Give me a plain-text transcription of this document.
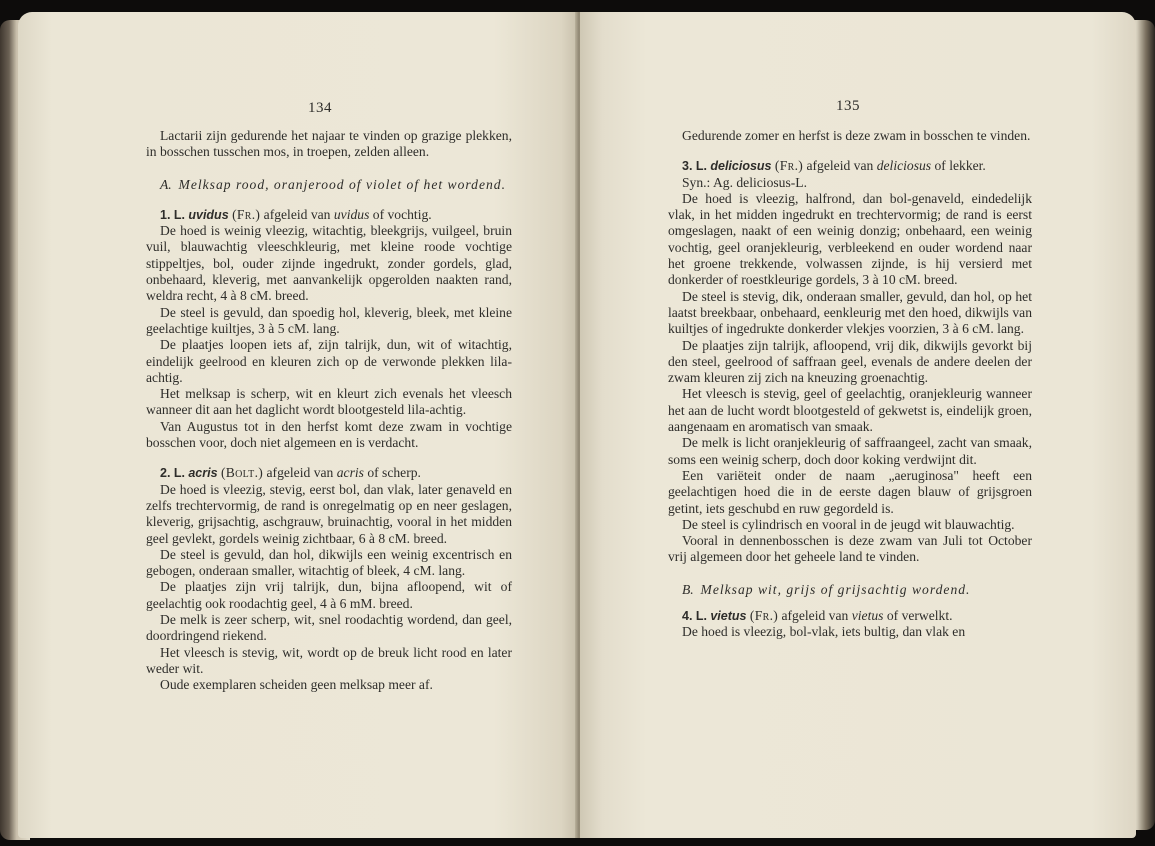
134

Lactarii zijn gedurende het najaar te vinden op grazige plekken, in bosschen tusschen mos, in troepen, zelden alleen.

A. Melksap rood, oranjerood of violet of het wordend.

1. L. uvidus (Fr.) afgeleid van uvidus of vochtig.

De hoed is weinig vleezig, witachtig, bleekgrijs, vuilgeel, bruin vuil, blauwachtig vleeschkleurig, met kleine roode vochtige stippeltjes, bol, ouder zijnde ingedrukt, zonder gordels, glad, onbehaard, kleverig, met aanvankelijk opgerolden naakten rand, weldra recht, 4 à 8 cM. breed.

De steel is gevuld, dan spoedig hol, kleverig, bleek, met kleine geelachtige kuiltjes, 3 à 5 cM. lang.

De plaatjes loopen iets af, zijn talrijk, dun, wit of witachtig, eindelijk geelrood en kleuren zich op de verwonde plekken lila-achtig.

Het melksap is scherp, wit en kleurt zich evenals het vleesch wanneer dit aan het daglicht wordt blootgesteld lila-achtig.

Van Augustus tot in den herfst komt deze zwam in vochtige bosschen voor, doch niet algemeen en is verdacht.

2. L. acris (Bolt.) afgeleid van acris of scherp.

De hoed is vleezig, stevig, eerst bol, dan vlak, later genaveld en zelfs trechtervormig, de rand is onregelmatig op en neer geslagen, kleverig, grijsachtig, aschgrauw, bruinachtig, vooral in het midden geel gevlekt, gordels weinig zichtbaar, 6 à 8 cM. breed.

De steel is gevuld, dan hol, dikwijls een weinig excentrisch en gebogen, onderaan smaller, witachtig of bleek, 4 cM. lang.

De plaatjes zijn vrij talrijk, dun, bijna afloopend, wit of geelachtig ook roodachtig geel, 4 à 6 mM. breed.

De melk is zeer scherp, wit, snel roodachtig wordend, dan geel, doordringend riekend.

Het vleesch is stevig, wit, wordt op de breuk licht rood en later weder wit.

Oude exemplaren scheiden geen melksap meer af.

135

Gedurende zomer en herfst is deze zwam in bosschen te vinden.

3. L. deliciosus (Fr.) afgeleid van deliciosus of lekker.

Syn.: Ag. deliciosus-L.

De hoed is vleezig, halfrond, dan bol-genaveld, eindedelijk vlak, in het midden ingedrukt en trechtervormig; de rand is eerst omgeslagen, naakt of een weinig donzig; onbehaard, een weinig vochtig, geel oranjekleurig, verbleekend en ouder wordend naar het groene trekkende, volwassen zijnde, is hij versierd met donkerder of roestkleurige gordels, 3 à 10 cM. breed.

De steel is stevig, dik, onderaan smaller, gevuld, dan hol, op het laatst breekbaar, onbehaard, eenkleurig met den hoed, dikwijls van kuiltjes of ingedrukte donkerder vlekjes voorzien, 3 à 6 cM. lang.

De plaatjes zijn talrijk, afloopend, vrij dik, dikwijls gevorkt bij den steel, geelrood of saffraan geel, evenals de andere deelen der zwam kleuren zij zich na kneuzing groenachtig.

Het vleesch is stevig, geel of geelachtig, oranjekleurig wanneer het aan de lucht wordt blootgesteld of gekwetst is, eindelijk groen, aangenaam en aromatisch van smaak.

De melk is licht oranjekleurig of saffraangeel, zacht van smaak, soms een weinig scherp, doch door koking verdwijnt dit.

Een variëteit onder de naam „aeruginosa" heeft een geelachtigen hoed die in de eerste dagen blauw of grijsgroen getint, iets geschubd en ruw gegordeld is.

De steel is cylindrisch en vooral in de jeugd wit blauwachtig.

Vooral in dennenbosschen is deze zwam van Juli tot October vrij algemeen door het geheele land te vinden.

B. Melksap wit, grijs of grijsachtig wordend.

4. L. vietus (Fr.) afgeleid van vietus of verwelkt.

De hoed is vleezig, bol-vlak, iets bultig, dan vlak en
